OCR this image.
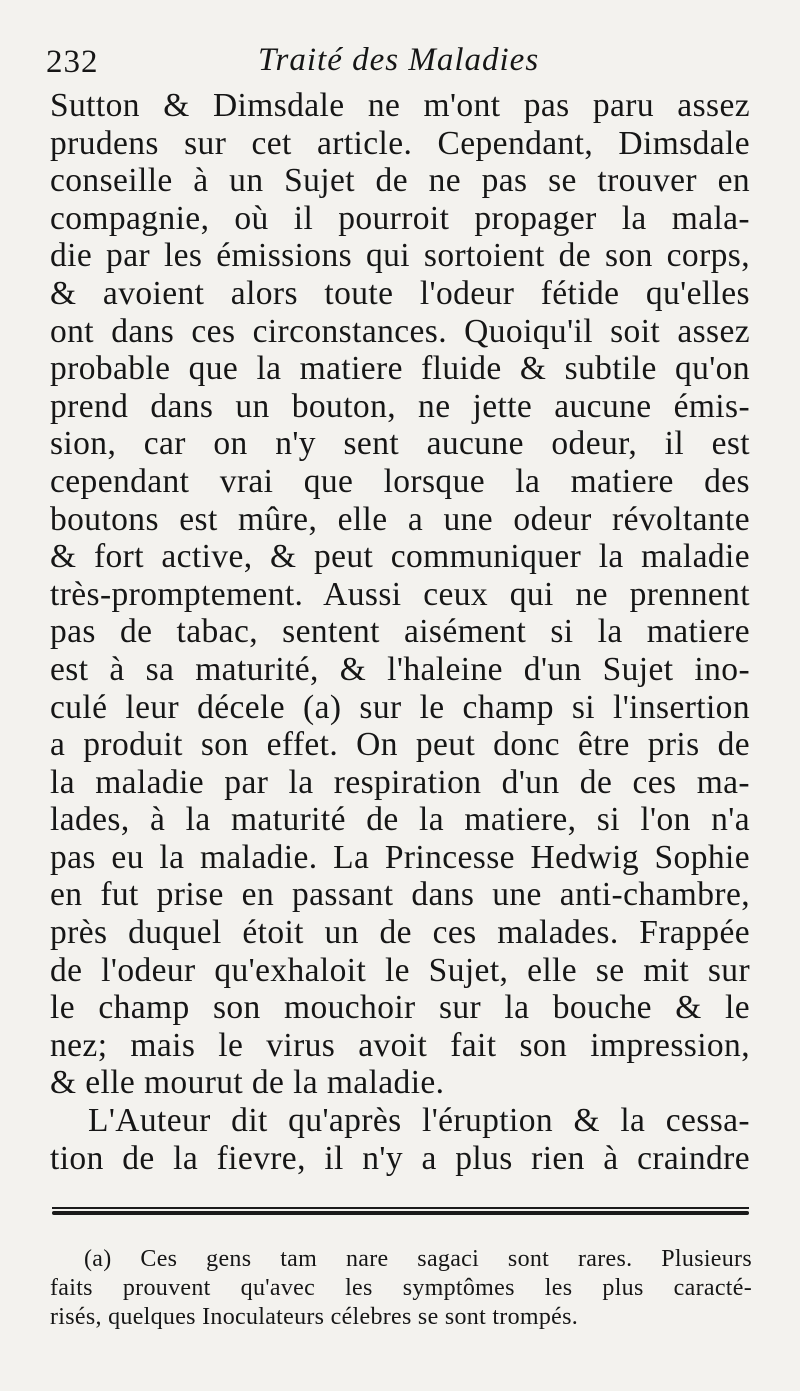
232	Traité des Maladies
Sutton & Dimsdale ne m'ont pas paru assez
prudens sur cet article. Cependant, Dimsdale
conseille à un Sujet de ne pas se trouver en
compagnie, où il pourroit propager la mala-
die par les émissions qui sortoient de son corps,
& avoient alors toute l'odeur fétide qu'elles
ont dans ces circonstances. Quoiqu'il soit assez
probable que la matiere fluide & subtile qu'on
prend dans un bouton, ne jette aucune émis-
sion, car on n'y sent aucune odeur, il est
cependant vrai que lorsque la matiere des
boutons est mûre, elle a une odeur révoltante
& fort active, & peut communiquer la maladie
très-promptement. Aussi ceux qui ne prennent
pas de tabac, sentent aisément si la matiere
est à sa maturité, & l'haleine d'un Sujet ino-
culé leur décele (a) sur le champ si l'insertion
a produit son effet. On peut donc être pris de
la maladie par la respiration d'un de ces ma-
lades, à la maturité de la matiere, si l'on n'a
pas eu la maladie. La Princesse Hedwig Sophie
en fut prise en passant dans une anti-chambre,
près duquel étoit un de ces malades. Frappée
de l'odeur qu'exhaloit le Sujet, elle se mit sur
le champ son mouchoir sur la bouche & le
nez; mais le virus avoit fait son impression,
& elle mourut de la maladie.
L'Auteur dit qu'après l'éruption & la cessa-
tion de la fievre, il n'y a plus rien à craindre
(a) Ces gens tam nare sagaci sont rares. Plusieurs
faits prouvent qu'avec les symptômes les plus caracté-
risés, quelques Inoculateurs célebres se sont trompés.
